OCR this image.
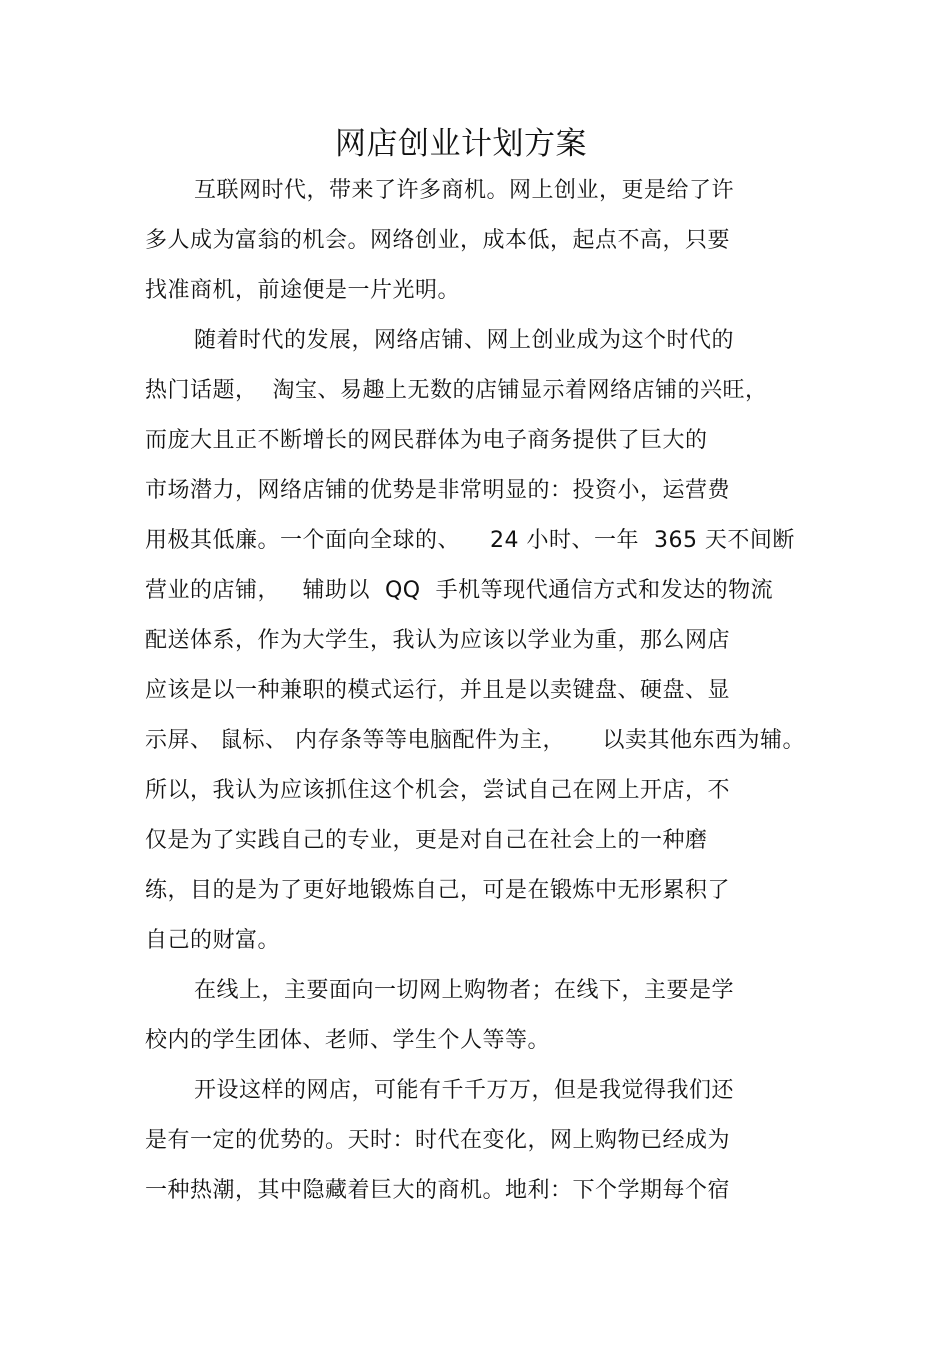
网店创业计划方案
互联网时代，带来了许多商机。网上创业，更是给了许
多人成为富翁的机会。网络创业，成本低，起点不高，只要
找准商机，前途便是一片光明。
随着时代的发展，网络店铺、网上创业成为这个时代的
热门话题，  淘宝、易趣上无数的店铺显示着网络店铺的兴旺，
而庞大且正不断增长的网民群体为电子商务提供了巨大的
市场潜力，网络店铺的优势是非常明显的：投资小，运营费
用极其低廉。一个面向全球的、    24 小时、一年  365 天不间断
营业的店铺，   辅助以  QQ  手机等现代通信方式和发达的物流
配送体系，作为大学生，我认为应该以学业为重，那么网店
应该是以一种兼职的模式运行，并且是以卖键盘、硬盘、显
示屏、 鼠标、 内存条等等电脑配件为主，     以卖其他东西为辅。
所以，我认为应该抓住这个机会，尝试自己在网上开店，不
仅是为了实践自己的专业，更是对自己在社会上的一种磨
练，目的是为了更好地锻炼自己，可是在锻炼中无形累积了
自己的财富。
在线上，主要面向一切网上购物者；在线下，主要是学
校内的学生团体、老师、学生个人等等。
开设这样的网店，可能有千千万万，但是我觉得我们还
是有一定的优势的。天时：时代在变化，网上购物已经成为
一种热潮，其中隐藏着巨大的商机。地利：下个学期每个宿
